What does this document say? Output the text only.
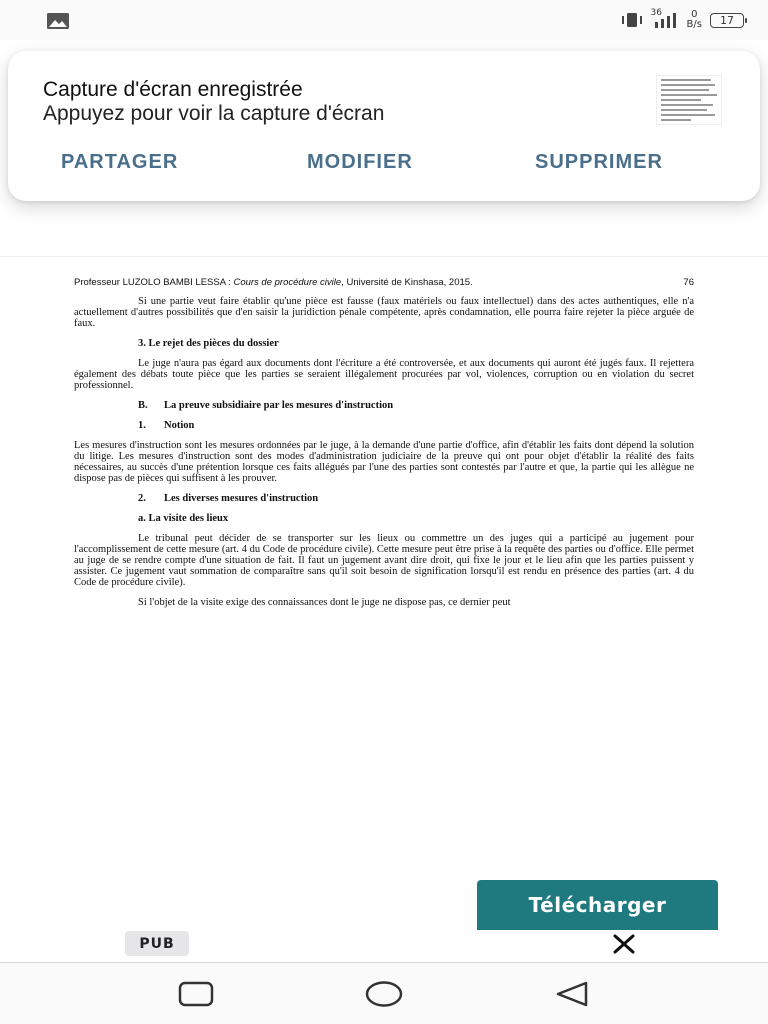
36	0
B/s 17
Capture d'écran enregistrée
Appuyez pour voir la capture d'écran
PARTAGER	MODIFIER	SUPPRIMER
Professeur LUZOLO BAMBI LESSA : Cours de procédure civile, Université de Kinshasa, 2015.	76

Si une partie veut faire établir qu'une pièce est fausse (faux matériels ou faux intellectuel) dans des actes authentiques, elle n'a actuellement d'autres possibilités que d'en saisir la juridiction pénale compétente, après condamnation, elle pourra faire rejeter la pièce arguée de faux.

3. Le rejet des pièces du dossier

Le juge n'aura pas égard aux documents dont l'écriture a été controversée, et aux documents qui auront été jugés faux. Il rejettera également des débats toute pièce que les parties se seraient illégalement procurées par vol, violences, corruption ou en violation du secret professionnel.

B. La preuve subsidiaire par les mesures d'instruction
1. Notion

Les mesures d'instruction sont les mesures ordonnées par le juge, à la demande d'une partie d'office, afin d'établir les faits dont dépend la solution du litige. Les mesures d'instruction sont des modes d'administration judiciaire de la preuve qui ont pour objet d'établir la réalité des faits nécessaires, au succès d'une prétention lorsque ces faits allégués par l'une des parties sont contestés par l'autre et que, la partie qui les allègue ne dispose pas de pièces qui suffisent à les prouver.

2. Les diverses mesures d'instruction
a. La visite des lieux

Le tribunal peut décider de se transporter sur les lieux ou commettre un des juges qui a participé au jugement pour l'accomplissement de cette mesure (art. 4 du Code de procédure civile). Cette mesure peut être prise à la requête des parties ou d'office. Elle permet au juge de se rendre compte d'une situation de fait. Il faut un jugement avant dire droit, qui fixe le jour et le lieu afin que les parties puissent y assister. Ce jugement vaut sommation de comparaître sans qu'il soit besoin de signification lorsqu'il est rendu en présence des parties (art. 4 du Code de procédure civile).

Si l'objet de la visite exige des connaissances dont le juge ne dispose pas, ce dernier peut

Télécharger
PUB
